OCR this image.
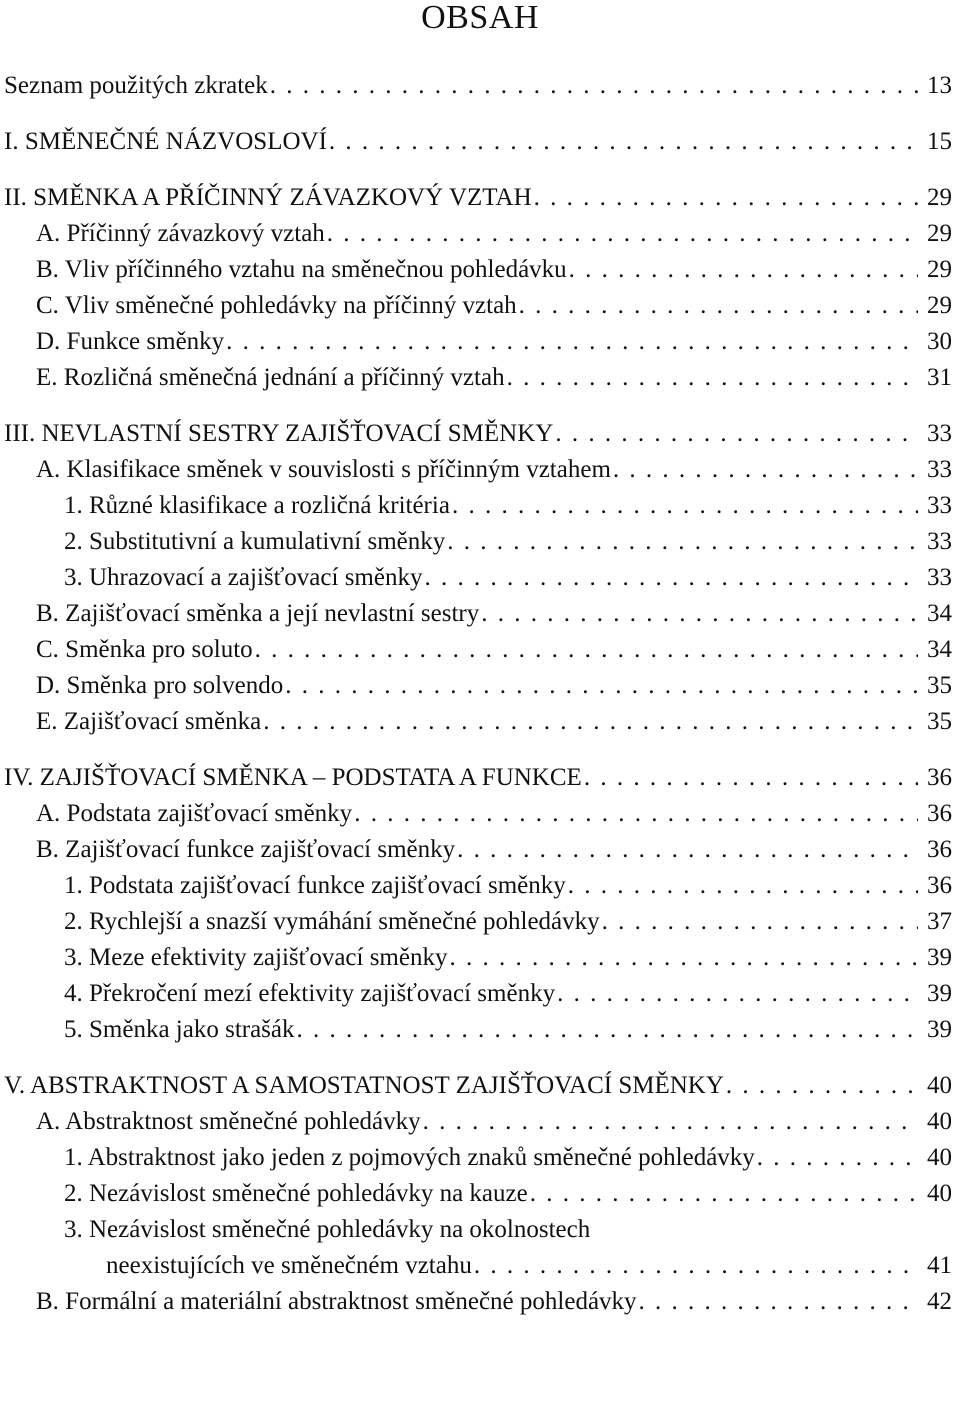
OBSAH
Seznam použitých zkratek . . .	13
I. SMĚNEČNÉ NÁZVOSLOVÍ . . .	15
II. SMĚNKA A PŘÍČINNÝ ZÁVAZKOVÝ VZTAH . . .	29
A. Příčinný závazkový vztah . . .	29
B. Vliv příčinného vztahu na směnečnou pohledávku . . .	29
C. Vliv směnečné pohledávky na příčinný vztah . . .	29
D. Funkce směnky . . .	30
E. Rozličná směnečná jednání a příčinný vztah . . .	31
III. NEVLASTNÍ SESTRY ZAJIŠŤOVACÍ SMĚNKY . . .	33
A. Klasifikace směnek v souvislosti s příčinným vztahem . . .	33
1. Různé klasifikace a rozličná kritéria . . .	33
2. Substitutivní a kumulativní směnky . . .	33
3. Uhrazovací a zajišťovací směnky . . .	33
B. Zajišťovací směnka a její nevlastní sestry . . .	34
C. Směnka pro soluto . . .	34
D. Směnka pro solvendo . . .	35
E. Zajišťovací směnka . . .	35
IV. ZAJIŠŤOVACÍ SMĚNKA – PODSTATA A FUNKCE . . .	36
A. Podstata zajišťovací směnky . . .	36
B. Zajišťovací funkce zajišťovací směnky . . .	36
1. Podstata zajišťovací funkce zajišťovací směnky . . .	36
2. Rychlejší a snazší vymáhání směnečné pohledávky . . .	37
3. Meze efektivity zajišťovací směnky . . .	39
4. Překročení mezí efektivity zajišťovací směnky . . .	39
5. Směnka jako strašák . . .	39
V. ABSTRAKTNOST A SAMOSTATNOST ZAJIŠŤOVACÍ SMĚNKY . . .	40
A. Abstraktnost směnečné pohledávky . . .	40
1. Abstraktnost jako jeden z pojmových znaků směnečné pohledávky . . .	40
2. Nezávislost směnečné pohledávky na kauze . . .	40
3. Nezávislost směnečné pohledávky na okolnostech
neexistujících ve směnečném vztahu . . .	41
B. Formální a materiální abstraktnost směnečné pohledávky . . .	42
